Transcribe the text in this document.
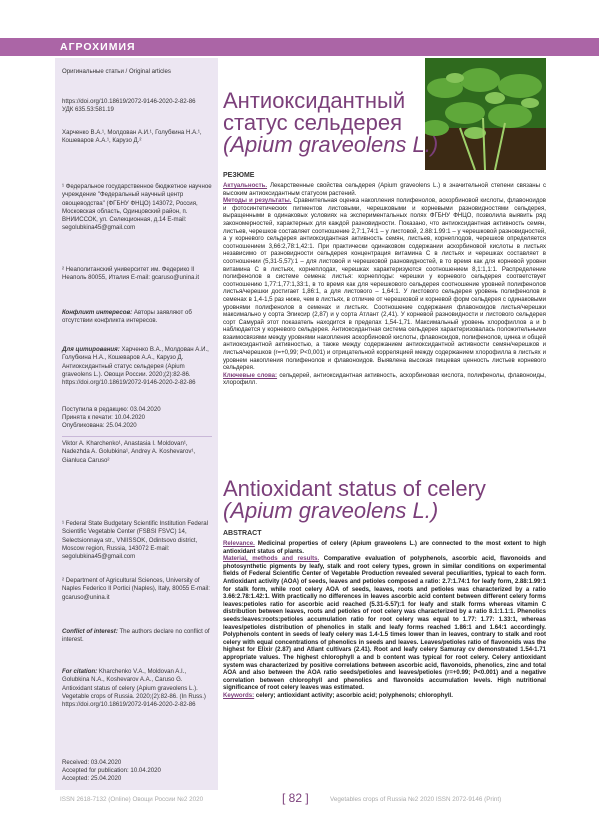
АГРОХИМИЯ
Оригинальные статьи / Original articles
https://doi.org/10.18619/2072-9146-2020-2-82-86
УДК 635.53:581.19
Харченко В.А.¹, Молдован А.И.¹, Голубкина Н.А.¹, Кошеваров А.А.¹, Карузо Д.²
¹ Федеральное государственное бюджетное научное учреждение "Федеральный научный центр овощеводства" (ФГБНУ ФНЦО) 143072, Россия, Московская область, Одинцовский район, п. ВНИИССОК, ул. Селекционная, д.14 E-mail: segolubkina45@gmail.com
² Неаполитанский университет им. Федерико II Неаполь 80055, Италия E-mail: gcaruso@unina.it
Конфликт интересов: Авторы заявляют об отсутствии конфликта интересов.
Для цитирования: Харченко В.А., Молдован А.И., Голубкина Н.А., Кошеваров А.А., Карузо Д. Антиоксидантный статус сельдерея (Apium graveolens L.). Овощи России. 2020;(2):82-86. https://doi.org/10.18619/2072-9146-2020-2-82-86
Поступила в редакцию: 03.04.2020
Принята к печати: 10.04.2020
Опубликована: 25.04.2020
Viktor A. Kharchenko¹, Anastasia I. Moldovan¹, Nadezhda A. Golubkina¹, Andrey A. Koshevarov¹, Gianluca Caruso²
¹ Federal State Budgetary Scientific Institution Federal Scientific Vegetable Center (FSBSI FSVC) 14, Selectsionnaya str., VNIISSOK, Odintsovo district, Moscow region, Russia, 143072 E-mail: segolubkina45@gmail.com
² Department of Agricultural Sciences, University of Naples Federico II Portici (Naples), Italy, 80055 E-mail: gcaruso@unina.it
Conflict of interest: The authors declare no conflict of interest.
For citation: Kharchenko V.A., Moldovan A.I., Golubkina N.A., Koshevarov A.A., Caruso G. Antioxidant status of celery (Apium graveolens L.). Vegetable crops of Russia. 2020;(2):82-86. (In Russ.) https://doi.org/10.18619/2072-9146-2020-2-82-86
Received: 03.04.2020
Accepted for publication: 10.04.2020
Accepted: 25.04.2020
Антиоксидантный
статус сельдерея
(Apium graveolens L.)
РЕЗЮМЕ
Актуальность. Лекарственные свойства сельдерея (Apium graveolens L.) в значительной степени связаны с высоким антиоксидантным статусом растений.
Методы и результаты. Сравнительная оценка накопления полифенолов, аскорбиновой кислоты, флавоноидов и фотосинтетических пигментов листовыми, черешковыми и корневыми разновидностями сельдерея, выращенными в одинаковых условиях на экспериментальных полях ФГБНУ ФНЦО, позволила выявить ряд закономерностей, характерных для каждой разновидности. Показано, что антиоксидантная активность семян, листьев, черешков составляет соотношение 2,7:1,74:1 – у листовой, 2.88:1.99:1 – у черешковой разновидностей, а у корневого сельдерея антиоксидантная активность семян, листьев, корнеплодов, черешков определяется соотношением 3,66:2,78:1,42:1. При практически одинаковом содержании аскорбиновой кислоты в листьях независимо от разновидности сельдерея концентрация витамина С в листьях и черешках составляет в соотношении (5,31-5,57):1 – для листовой и черешковой разновидностей, в то время как для корневой уровни витамина С в листьях, корнеплодах, черешках характеризуются соотношением 8,1:1,1:1. Распределение полифенолов в системе семена: листья: корнеплоды: черешки у корневого сельдерея соответствует соотношению 1,77:1,77:1,33:1, в то время как для черешкового сельдерея соотношение уровней полифенолов листья/черешки достигает 1,86:1, а для листового – 1,64:1. У листового сельдерея уровень полифенолов в семенах в 1,4-1,5 раз ниже, чем в листьях, в отличие от черешковой и корневой форм сельдерея с одинаковыми уровнями полифенолов в семенах и листьях. Соотношение содержания флавоноидов листья/черешки максимально у сорта Эликсир (2,87) и у сорта Атлант (2,41). У корневой разновидности и листового сельдерея сорт Самурай этот показатель находится в пределах 1,54-1,71. Максимальный уровень хлорофиллов а и b наблюдается у корневого сельдерея. Антиоксидантная система сельдерея характеризовалась положительными взаимосвязями между уровнями накопления аскорбиновой кислоты, флавоноидов, полифенолов, цинка и общей антиоксидантной активностью, а также между содержанием антиоксидантной активности семян/черешков и листья/черешков (r=+0,99; P<0,001) и отрицательной корреляцией между содержанием хлорофилла в листьях и уровнем накопления полифенолов и флавоноидов. Выявлена высокая пищевая ценность листьев корневого сельдерея.
Ключевые слова: сельдерей, антиоксидантная активность, аскорбиновая кислота, полифенолы, флавоноиды, хлорофилл.
Antioxidant status of celery
(Apium graveolens L.)
ABSTRACT
Relevance. Medicinal properties of celery (Apium graveolens L.) are connected to the most extent to high antioxidant status of plants.
Material, methods and results. Comparative evaluation of polyphenols, ascorbic acid, flavonoids and photosynthetic pigments by leafy, stalk and root celery types, grown in similar conditions on experimental fields of Federal Scientific Center of Vegetable Production revealed several peculiarities, typical to each form. Antioxidant activity (AOA) of seeds, leaves and petioles composed a ratio: 2.7:1.74:1 for leafy form, 2.88:1.99:1 for stalk form, while root celery AOA of seeds, leaves, roots and petioles was characterized by a ratio 3.66:2.78:1.42:1. With practically no differences in leaves ascorbic acid content between different celery forms leaves:petioles ratio for ascorbic acid reached (5.31-5.57):1 for leafy and stalk forms whereas vitamin C distribution between leaves, roots and petioles of root celery was characterized by a ratio 8.1:1.1:1. Phenolics seeds:leaves:roots:petioles accumulation ratio for root celery was equal to 1.77: 1.77: 1.33:1, whereas leaves/petioles distribution of phenolics in stalk and leafy forms reached 1.86:1 and 1.64:1 accordingly. Polyphenols content in seeds of leafy celery was 1.4-1.5 times lower than in leaves, contrary to stalk and root celery with equal concentrations of phenolics in seeds and leaves. Leaves/petioles ratio of flavonoids was the highest for Elixir (2.87) and Atlant cultivars (2.41). Root and leafy celery Samuray cv demonstrated 1.54-1.71 appropriate values. The highest chlorophyll a and b content was typical for root celery. Celery antioxidant system was characterized by positive correlations between ascorbic acid, flavonoids, phenolics, zinc and total AOA and also between the AOA ratio seeds/petioles and leaves/petioles (r=+0.99; P<0.001) and a negative correlation between chlorophyll and phenolics and flavonoids accumulation levels. High nutritional significance of root celery leaves was estimated.
Keywords: celery; antioxidant activity; ascorbic acid; polyphenols; chlorophyll.
ISSN 2618-7132 (Online) Овощи России №2 2020	[ 82 ]	Vegetables crops of Russia №2 2020 ISSN 2072-9146 (Print)
